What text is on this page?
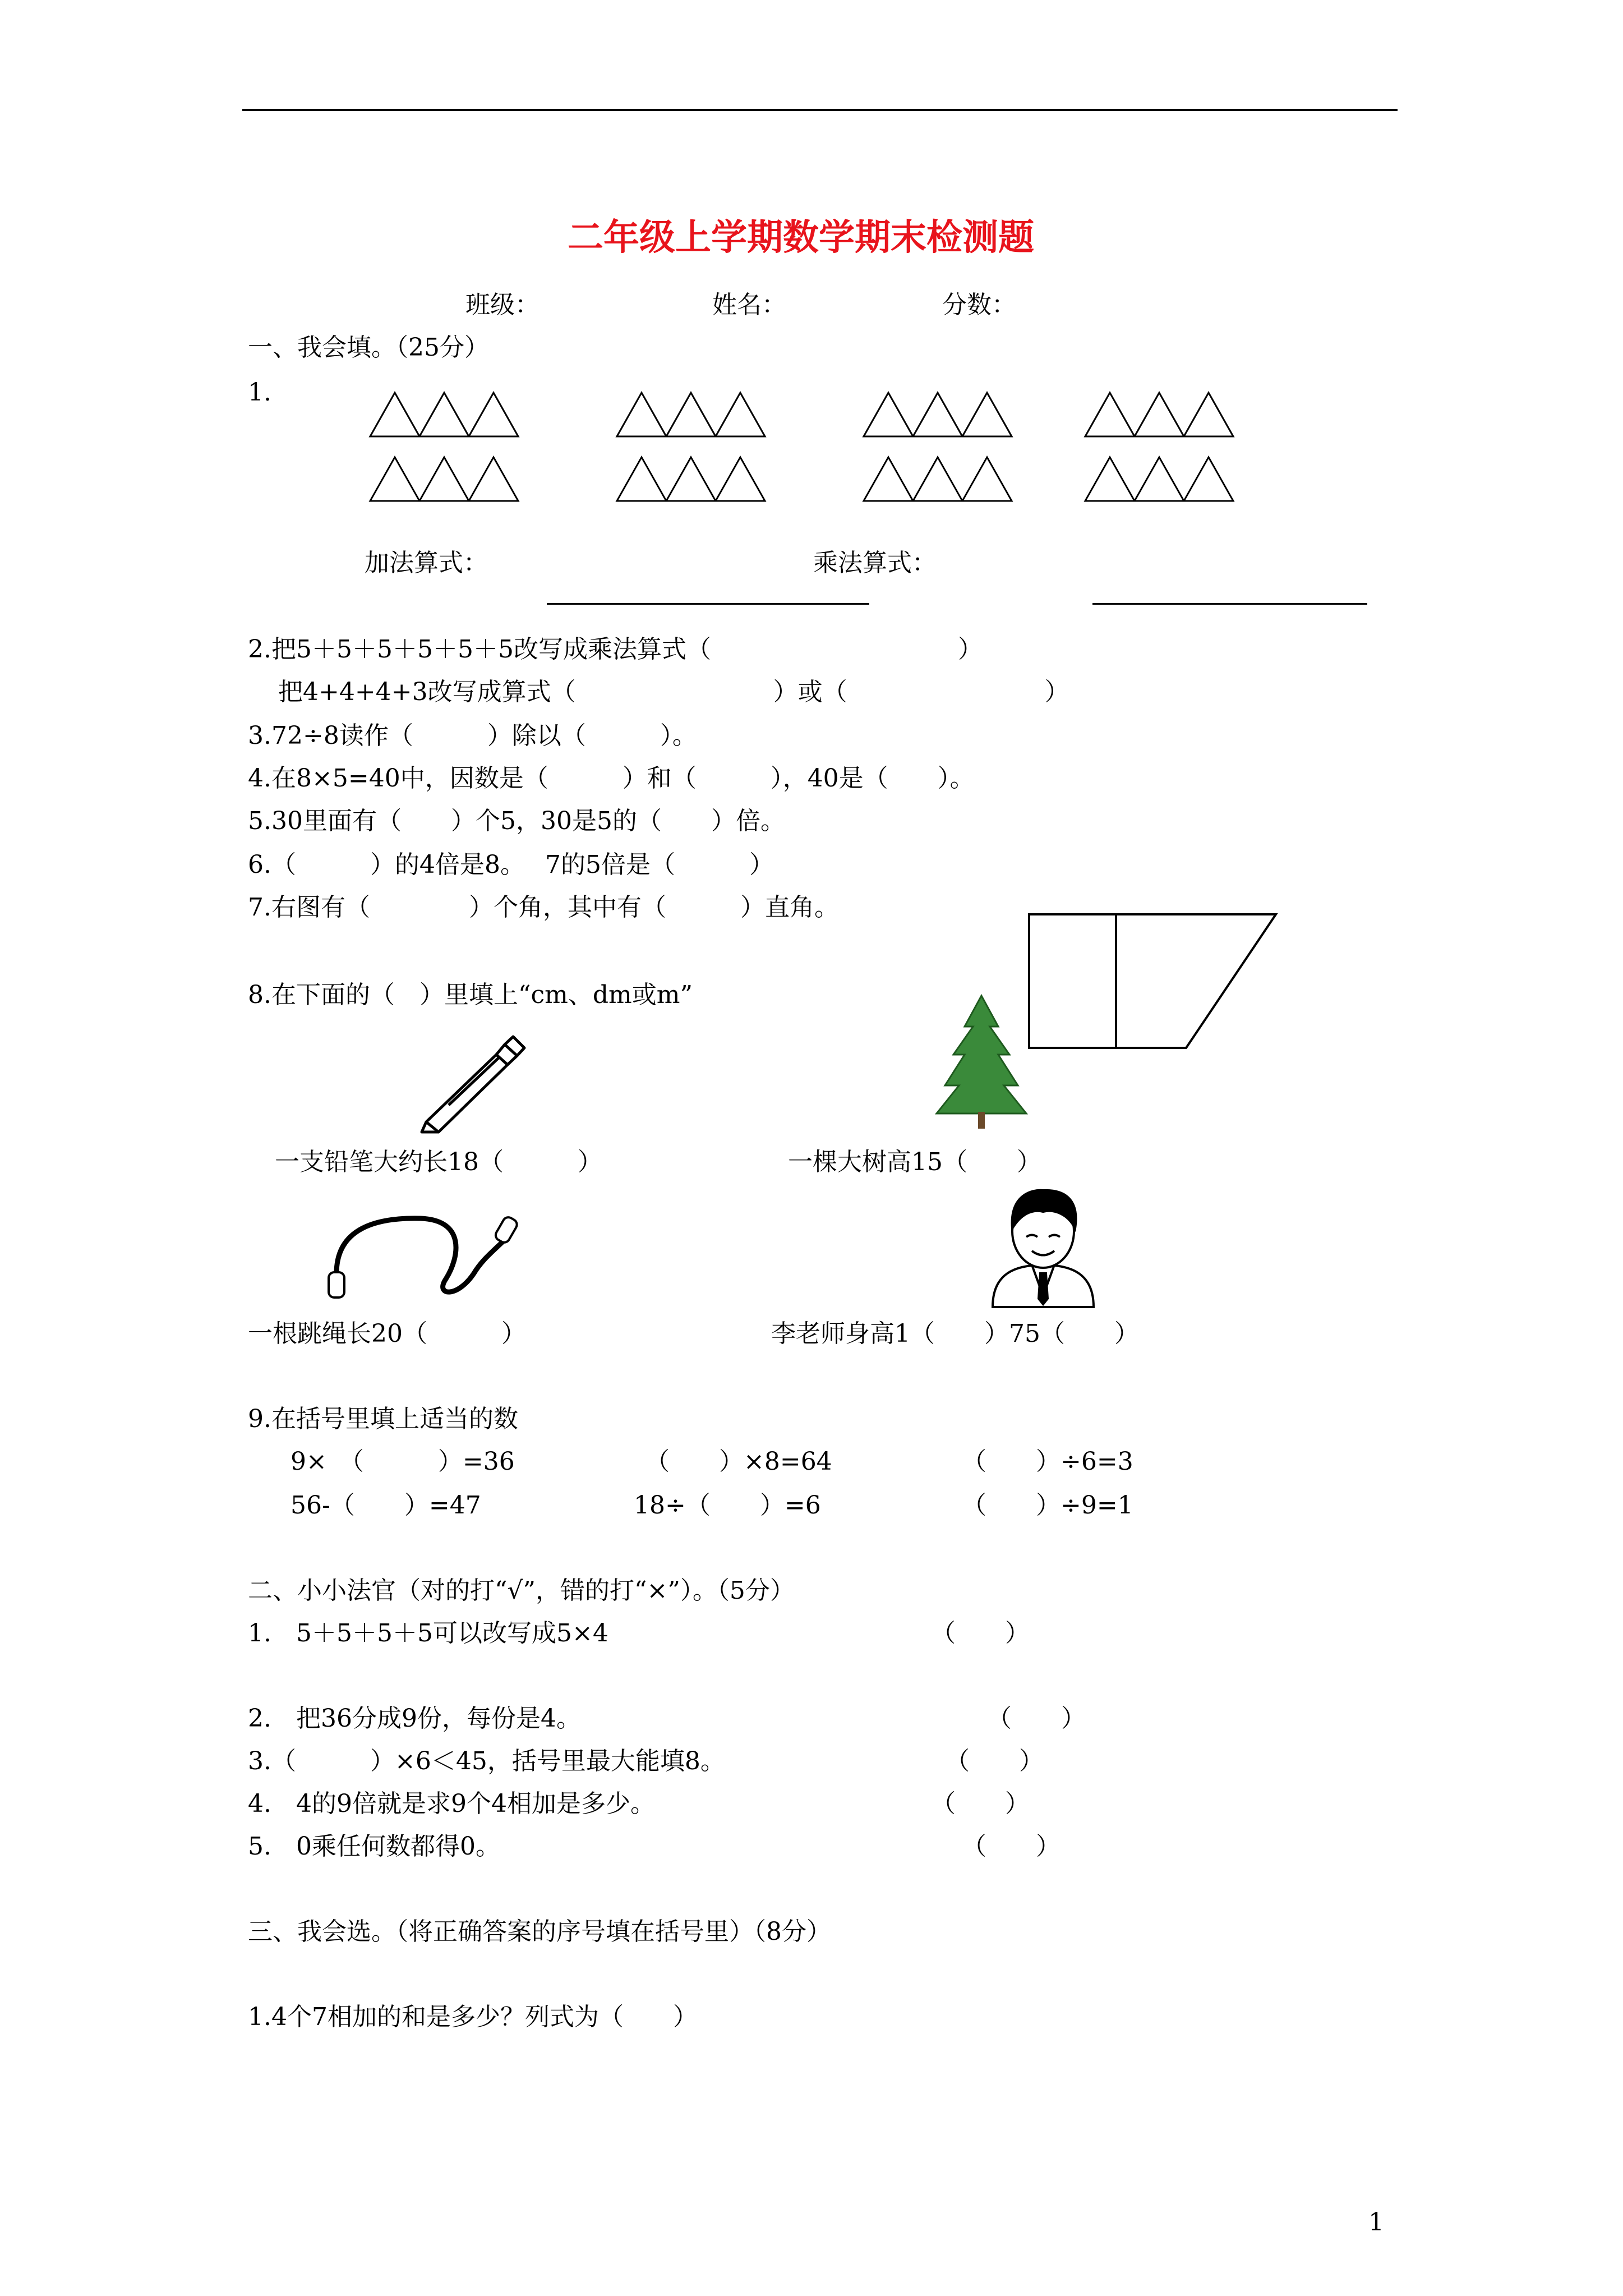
二年级上学期数学期末检测题
班级：	姓名：	分数：
一、我会填。（25分）
1.
加法算式：	乘法算式：
2.把5＋5＋5＋5＋5＋5改写成乘法算式（　　　　　　　　　　）
把4+4+4+3改写成算式（　　　　　　　　）或（　　　　　　　　）
3.72÷8读作（　　　）除以（　　　）。
4.在8×5=40中，因数是（　　　）和（　　　），40是（　　）。
5.30里面有（　　）个5，30是5的（　　）倍。
6.（　　　）的4倍是8。　 7的5倍是（　　　）
7.右图有（　　　　）个角，其中有（　　　）直角。
8.在下面的（　）里填上“cm、dm或m”
一支铅笔大约长18（　　　）	一棵大树高15（　　）
一根跳绳长20（　　　）	李老师身高1（　　）75（　　）
9.在括号里填上适当的数
9×　（　　　）=36	（　　）×8=64	（　　）÷6=3
56-（　　）=47	18÷（　　）=6	（　　）÷9=1
二、小小法官（对的打“√”，错的打“×”）。（5分）
1.　5＋5＋5＋5可以改写成5×4	（　　）
2.　把36分成9份，每份是4。	（　　）
3.（　　　）×6＜45，括号里最大能填8。	（　　）
4.　4的9倍就是求9个4相加是多少。	（　　）
5.　0乘任何数都得0。	（　　）
三、我会选。（将正确答案的序号填在括号里）（8分）
1.4个7相加的和是多少？列式为（　　）
1
